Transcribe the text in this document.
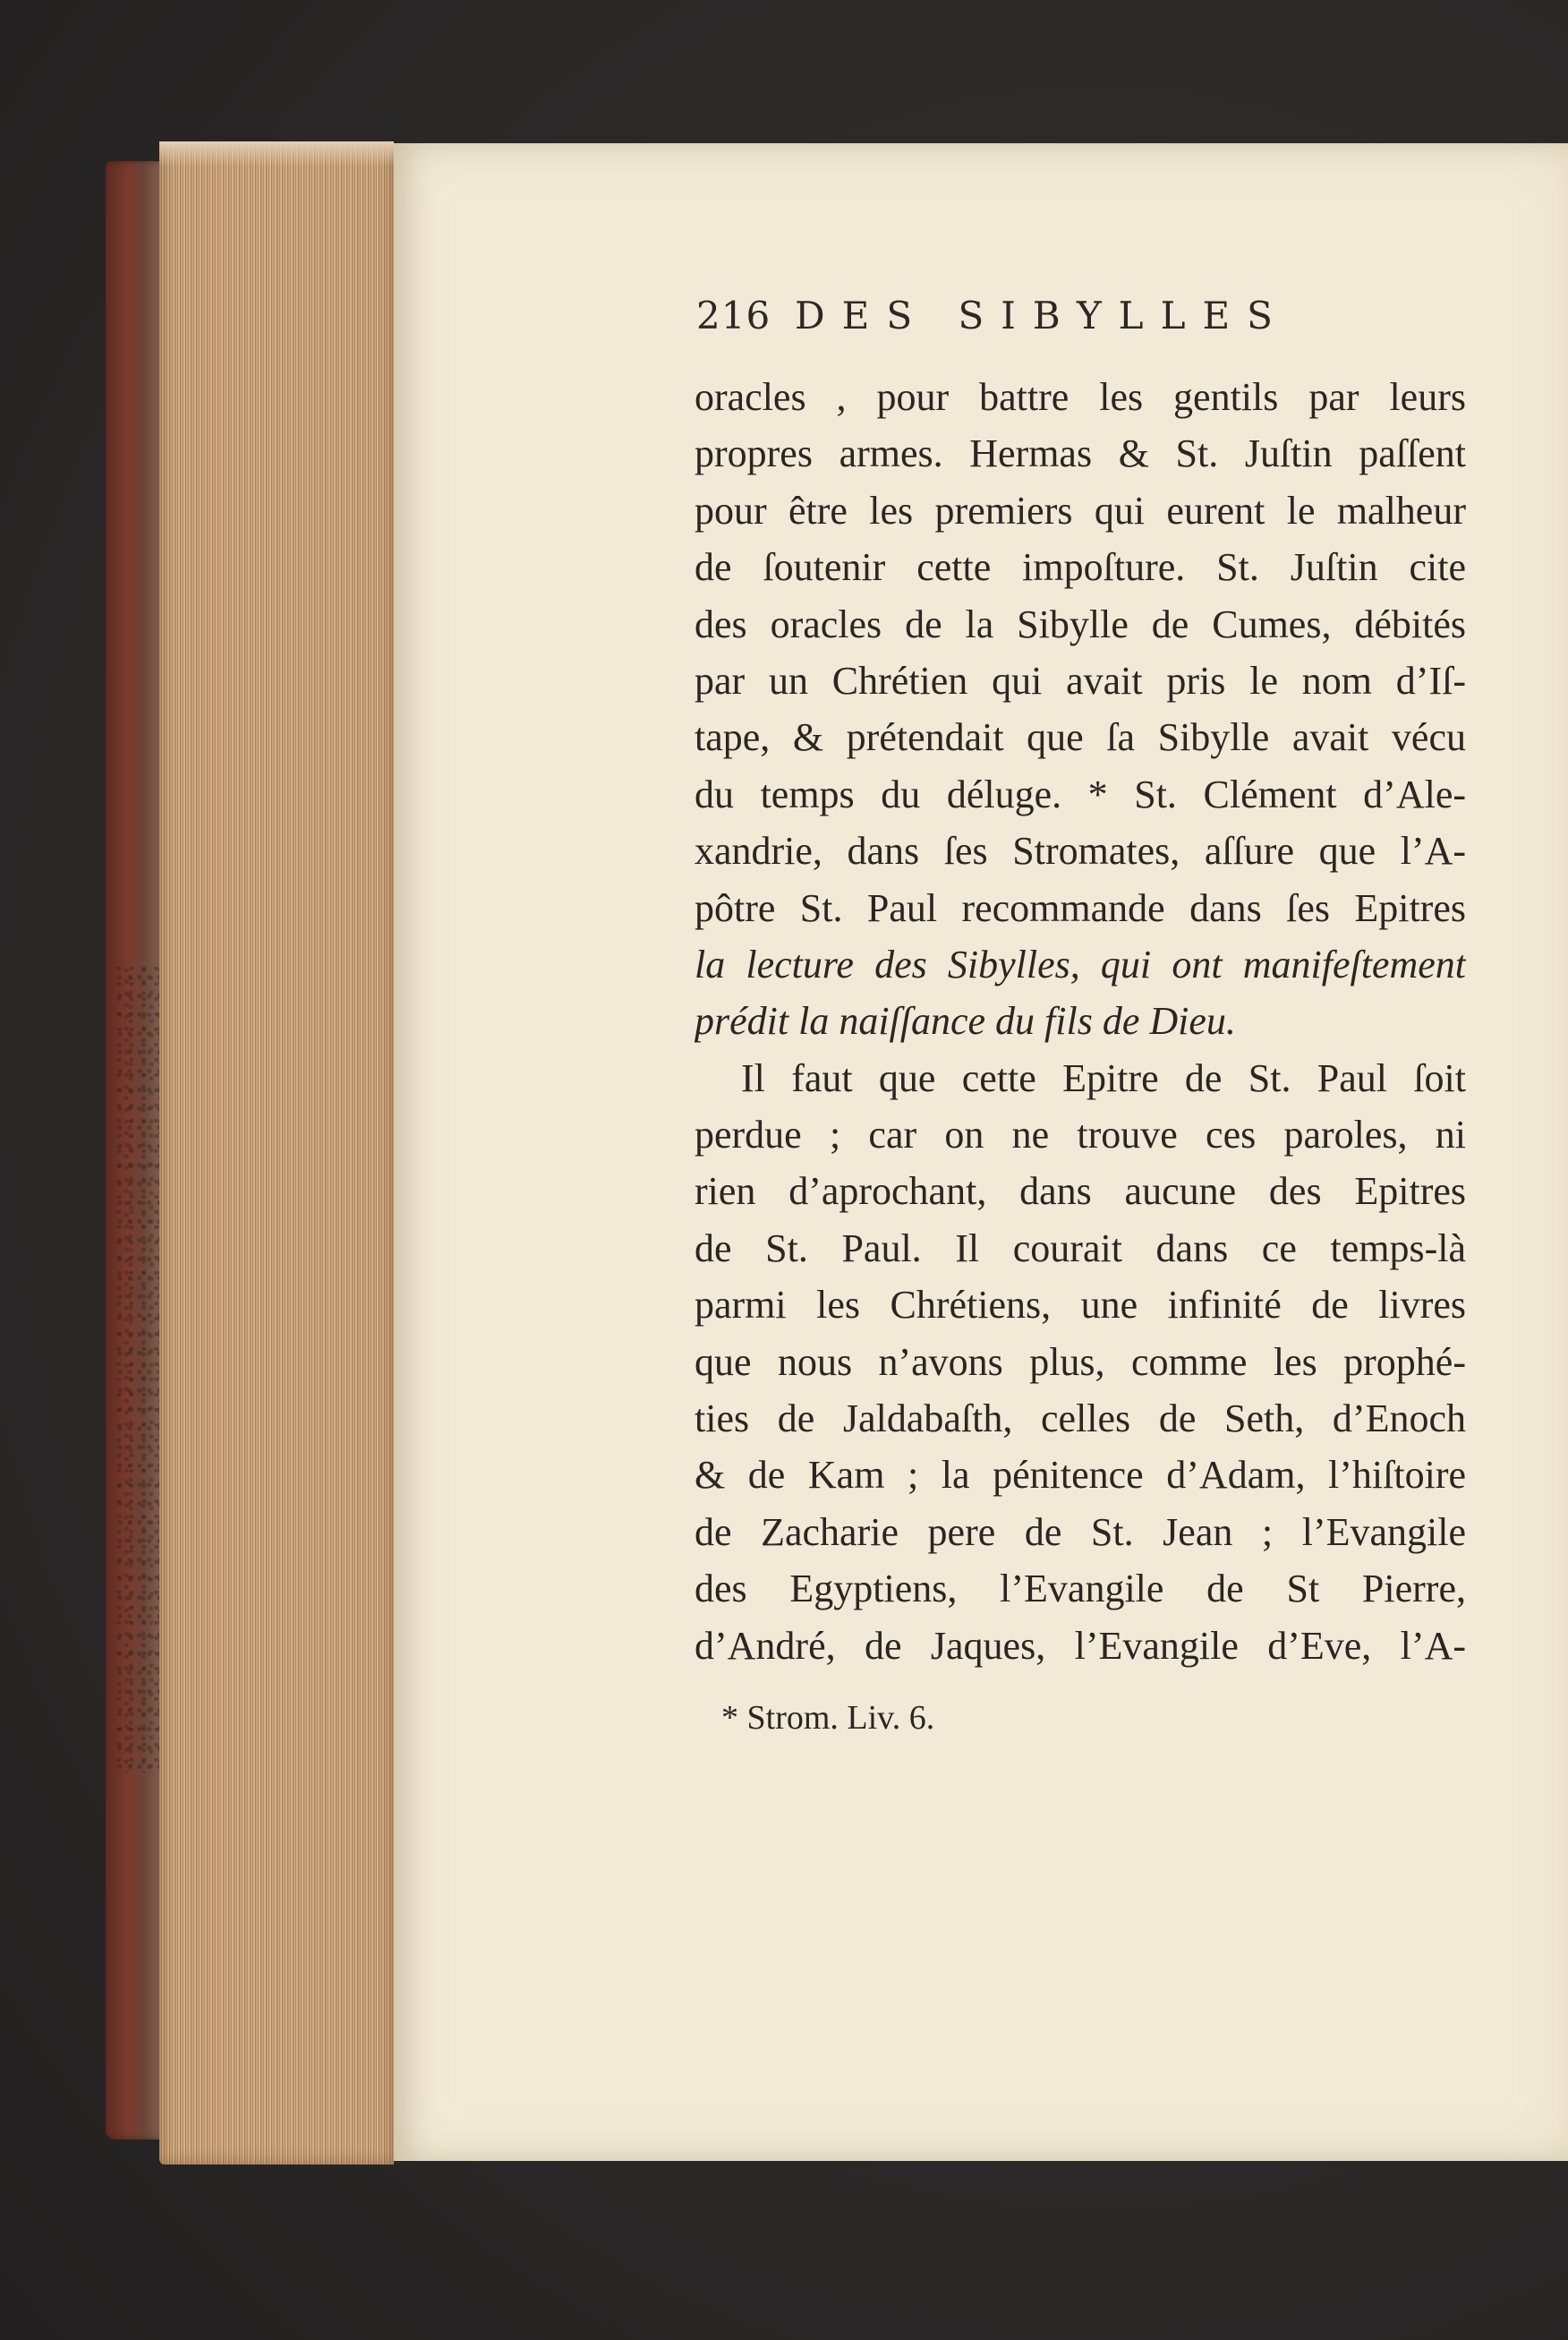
216 DES SIBYLLES
oracles , pour battre les gentils par leurs
propres armes. Hermas & St. Juſtin paſſent
pour être les premiers qui eurent le malheur
de ſoutenir cette impoſture. St. Juſtin cite
des oracles de la Sibylle de Cumes, débités
par un Chrétien qui avait pris le nom d’Iſ-
tape, & prétendait que ſa Sibylle avait vécu
du temps du déluge. * St. Clément d’Ale-
xandrie, dans ſes Stromates, aſſure que l’A-
pôtre St. Paul recommande dans ſes Epitres
la lecture des Sibylles, qui ont manifeſtement
prédit la naiſſance du fils de Dieu.
Il faut que cette Epitre de St. Paul ſoit
perdue ; car on ne trouve ces paroles, ni
rien d’aprochant, dans aucune des Epitres
de St. Paul. Il courait dans ce temps-là
parmi les Chrétiens, une infinité de livres
que nous n’avons plus, comme les prophé-
ties de Jaldabaſth, celles de Seth, d’Enoch
& de Kam ; la pénitence d’Adam, l’hiſtoire
de Zacharie pere de St. Jean ; l’Evangile
des Egyptiens, l’Evangile de St Pierre,
d’André, de Jaques, l’Evangile d’Eve, l’A-
* Strom. Liv. 6.
